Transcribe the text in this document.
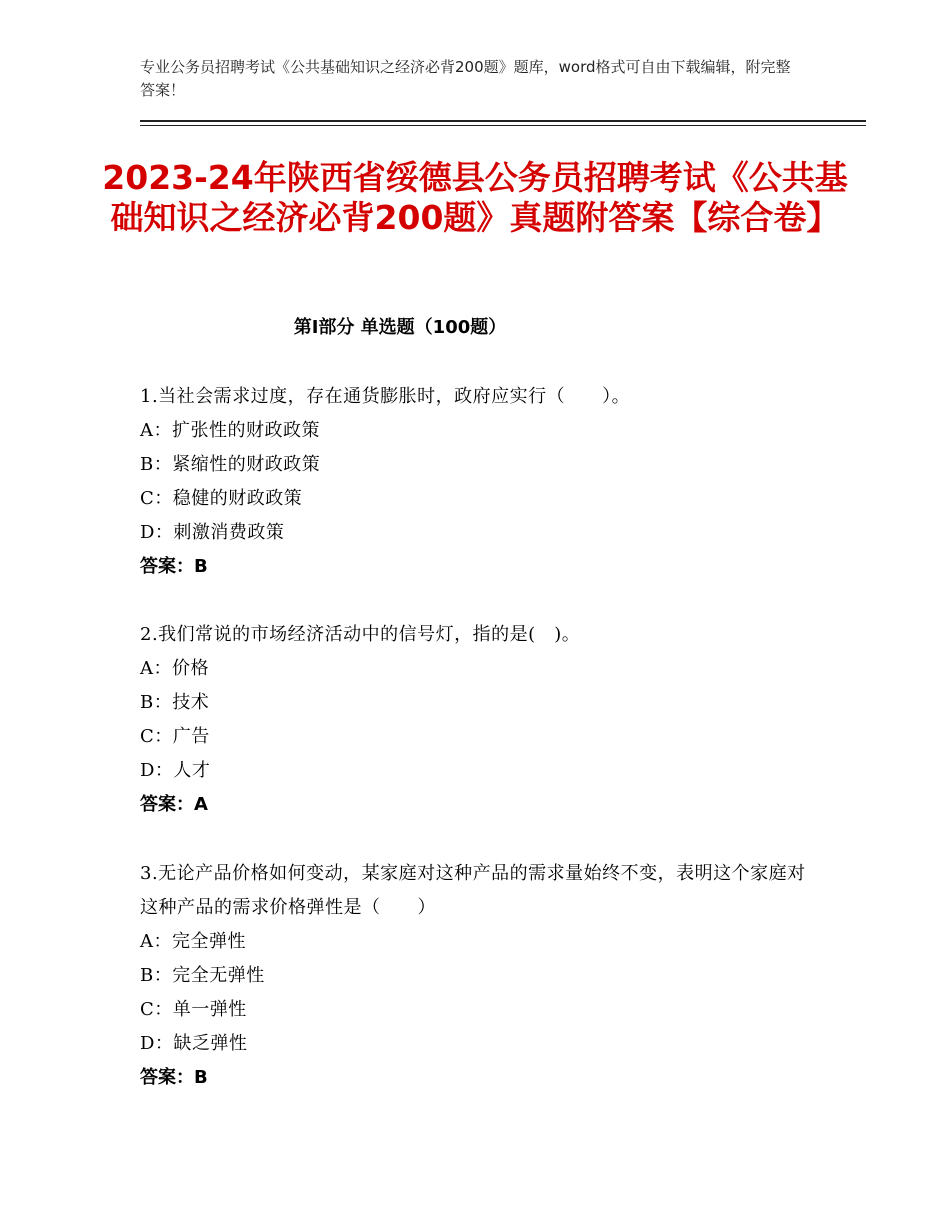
专业公务员招聘考试《公共基础知识之经济必背200题》题库，word格式可自由下载编辑，附完整答案！

2023-24年陕西省绥德县公务员招聘考试《公共基础知识之经济必背200题》真题附答案【综合卷】
第Ⅰ部分 单选题（100题）

1.当社会需求过度，存在通货膨胀时，政府应实行（　　）。

A：扩张性的财政政策

B：紧缩性的财政政策

C：稳健的财政政策

D：刺激消费政策

答案：B

2.我们常说的市场经济活动中的信号灯，指的是(　)。

A：价格

B：技术

C：广告

D：人才

答案：A

3.无论产品价格如何变动，某家庭对这种产品的需求量始终不变，表明这个家庭对这种产品的需求价格弹性是（　　）

A：完全弹性

B：完全无弹性

C：单一弹性

D：缺乏弹性

答案：B
